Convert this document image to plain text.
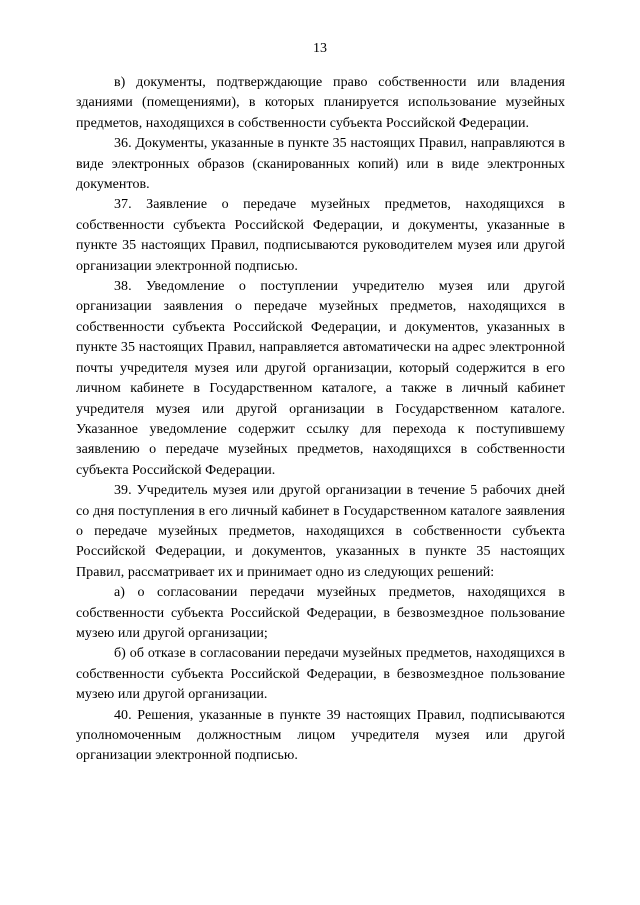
13

в) документы, подтверждающие право собственности или владения зданиями (помещениями), в которых планируется использование музейных предметов, находящихся в собственности субъекта Российской Федерации.

36. Документы, указанные в пункте 35 настоящих Правил, направляются в виде электронных образов (сканированных копий) или в виде электронных документов.

37. Заявление о передаче музейных предметов, находящихся в собственности субъекта Российской Федерации, и документы, указанные в пункте 35 настоящих Правил, подписываются руководителем музея или другой организации электронной подписью.

38. Уведомление о поступлении учредителю музея или другой организации заявления о передаче музейных предметов, находящихся в собственности субъекта Российской Федерации, и документов, указанных в пункте 35 настоящих Правил, направляется автоматически на адрес электронной почты учредителя музея или другой организации, который содержится в его личном кабинете в Государственном каталоге, а также в личный кабинет учредителя музея или другой организации в Государственном каталоге. Указанное уведомление содержит ссылку для перехода к поступившему заявлению о передаче музейных предметов, находящихся в собственности субъекта Российской Федерации.

39. Учредитель музея или другой организации в течение 5 рабочих дней со дня поступления в его личный кабинет в Государственном каталоге заявления о передаче музейных предметов, находящихся в собственности субъекта Российской Федерации, и документов, указанных в пункте 35 настоящих Правил, рассматривает их и принимает одно из следующих решений:

а) о согласовании передачи музейных предметов, находящихся в собственности субъекта Российской Федерации, в безвозмездное пользование музею или другой организации;

б) об отказе в согласовании передачи музейных предметов, находящихся в собственности субъекта Российской Федерации, в безвозмездное пользование музею или другой организации.

40. Решения, указанные в пункте 39 настоящих Правил, подписываются уполномоченным должностным лицом учредителя музея или другой организации электронной подписью.
